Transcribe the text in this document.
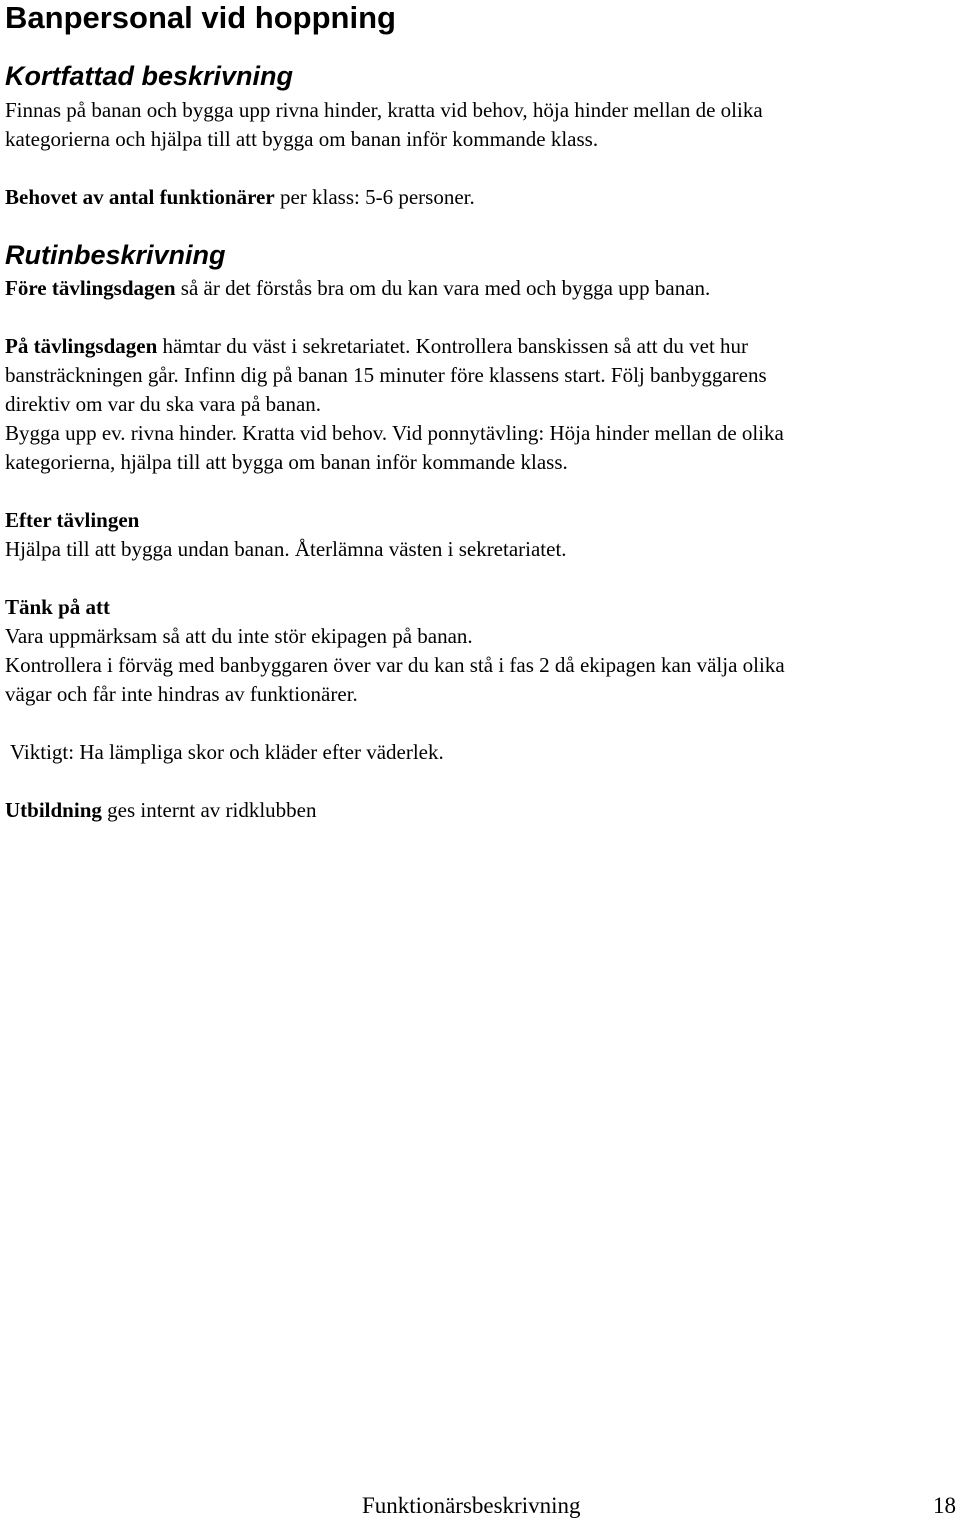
Banpersonal vid hoppning
Kortfattad beskrivning
Finnas på banan och bygga upp rivna hinder, kratta vid behov, höja hinder mellan de olika
kategorierna och hjälpa till att bygga om banan inför kommande klass.
Behovet av antal funktionärer per klass: 5-6 personer.
Rutinbeskrivning
Före tävlingsdagen så är det förstås bra om du kan vara med och bygga upp banan.
På tävlingsdagen hämtar du väst i sekretariatet. Kontrollera banskissen så att du vet hur
bansträckningen går. Infinn dig på banan 15 minuter före klassens start. Följ banbyggarens
direktiv om var du ska vara på banan.
Bygga upp ev. rivna hinder. Kratta vid behov. Vid ponnytävling: Höja hinder mellan de olika
kategorierna, hjälpa till att bygga om banan inför kommande klass.
Efter tävlingen
Hjälpa till att bygga undan banan. Återlämna västen i sekretariatet.
Tänk på att
Vara uppmärksam så att du inte stör ekipagen på banan.
Kontrollera i förväg med banbyggaren över var du kan stå i fas 2 då ekipagen kan välja olika
vägar och får inte hindras av funktionärer.
Viktigt: Ha lämpliga skor och kläder efter väderlek.
Utbildning ges internt av ridklubben
Funktionärsbeskrivning	18
